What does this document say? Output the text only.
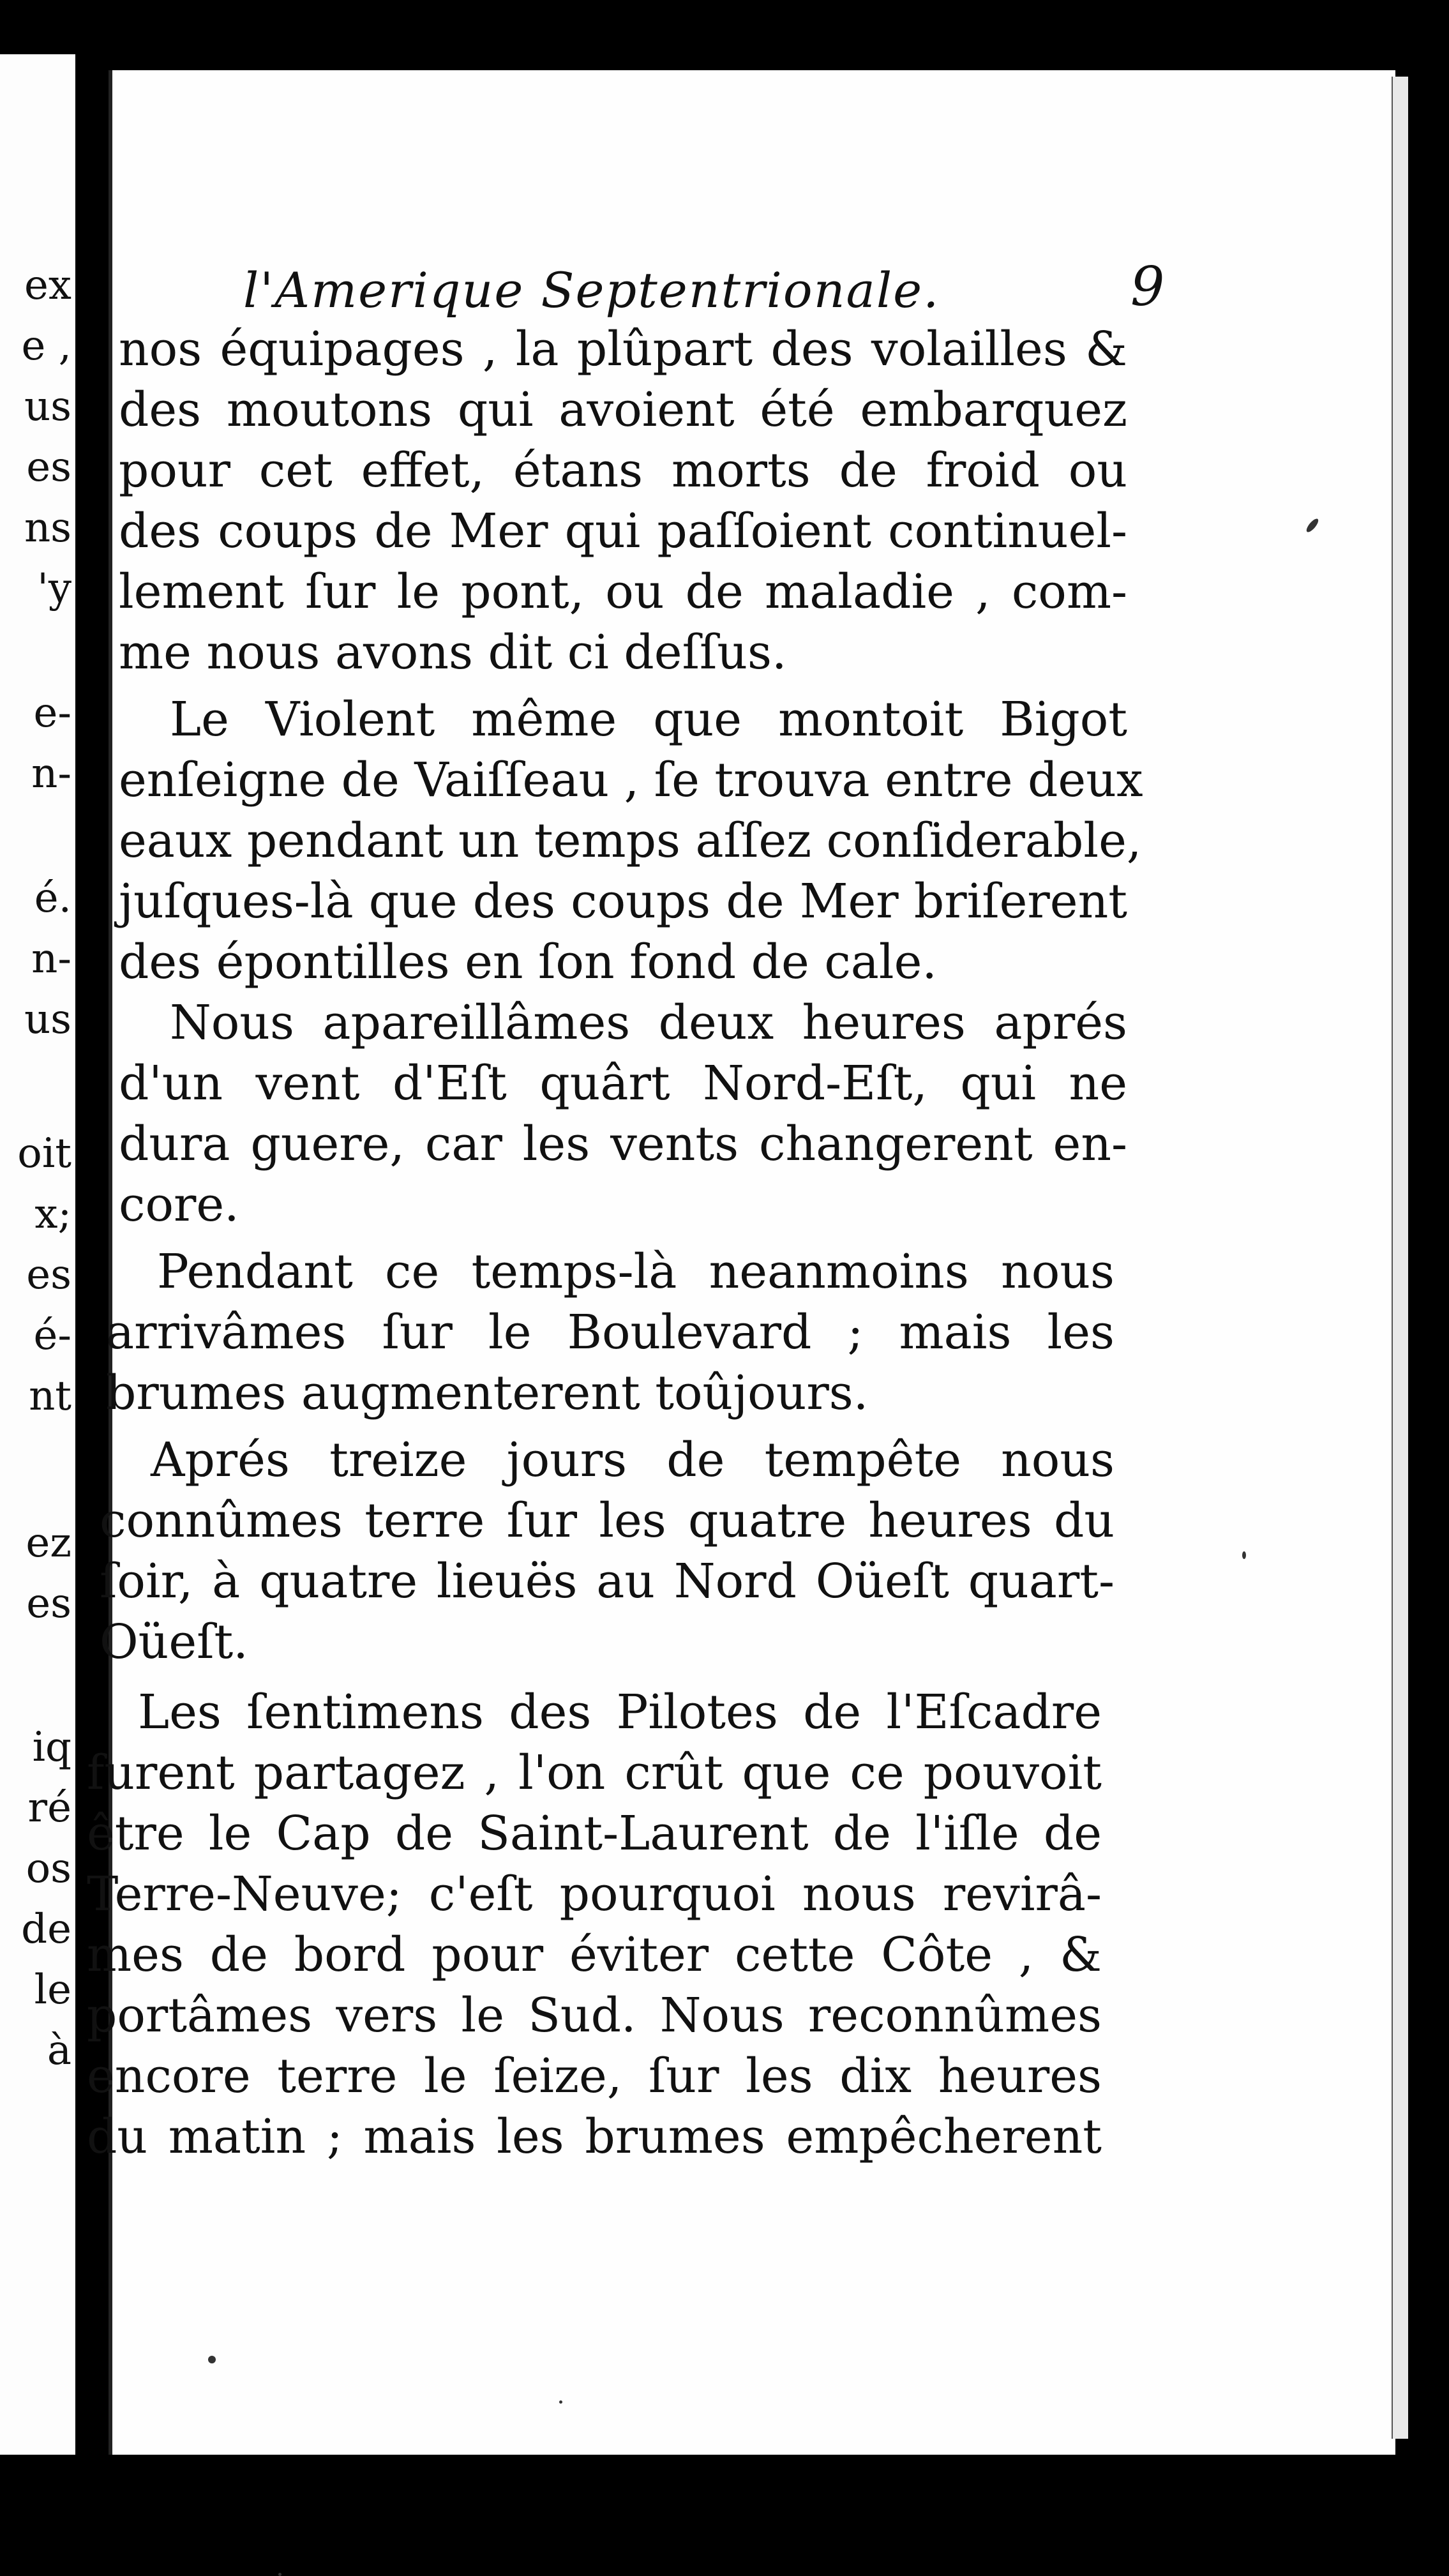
ex
e ,
us
es
ns
'y
e-
n-
é.
n-
us
oit
x;
es
é-
nt
ez
es
iq
ré
os
de
le
à
l'Amerique Septentrionale.	9
nos équipages , la plûpart des volailles &
des moutons qui avoient été embarquez
pour cet effet, étans morts de froid ou
des coups de Mer qui paſſoient continuel-
lement ſur le pont, ou de maladie , com-
me nous avons dit ci deſſus.
Le Violent même que montoit Bigot
enſeigne de Vaiſſeau , ſe trouva entre deux
eaux pendant un temps aſſez conſiderable,
juſques-là que des coups de Mer briſerent
des épontilles en ſon fond de cale.
Nous apareillâmes deux heures aprés
d'un vent d'Eſt quârt Nord-Eſt, qui ne
dura guere, car les vents changerent en-
core.
Pendant ce temps-là neanmoins nous
arrivâmes ſur le Boulevard ; mais les
brumes augmenterent toûjours.
Aprés treize jours de tempête nous
connûmes terre ſur les quatre heures du
ſoir, à quatre lieuës au Nord Oüeſt quart-
Oüeſt.
Les ſentimens des Pilotes de l'Eſcadre
furent partagez , l'on crût que ce pouvoit
être le Cap de Saint-Laurent de l'iſle de
Terre-Neuve; c'eſt pourquoi nous revirâ-
mes de bord pour éviter cette Côte , &
portâmes vers le Sud. Nous reconnûmes
encore terre le ſeize, ſur les dix heures
du matin ; mais les brumes empêcherent
